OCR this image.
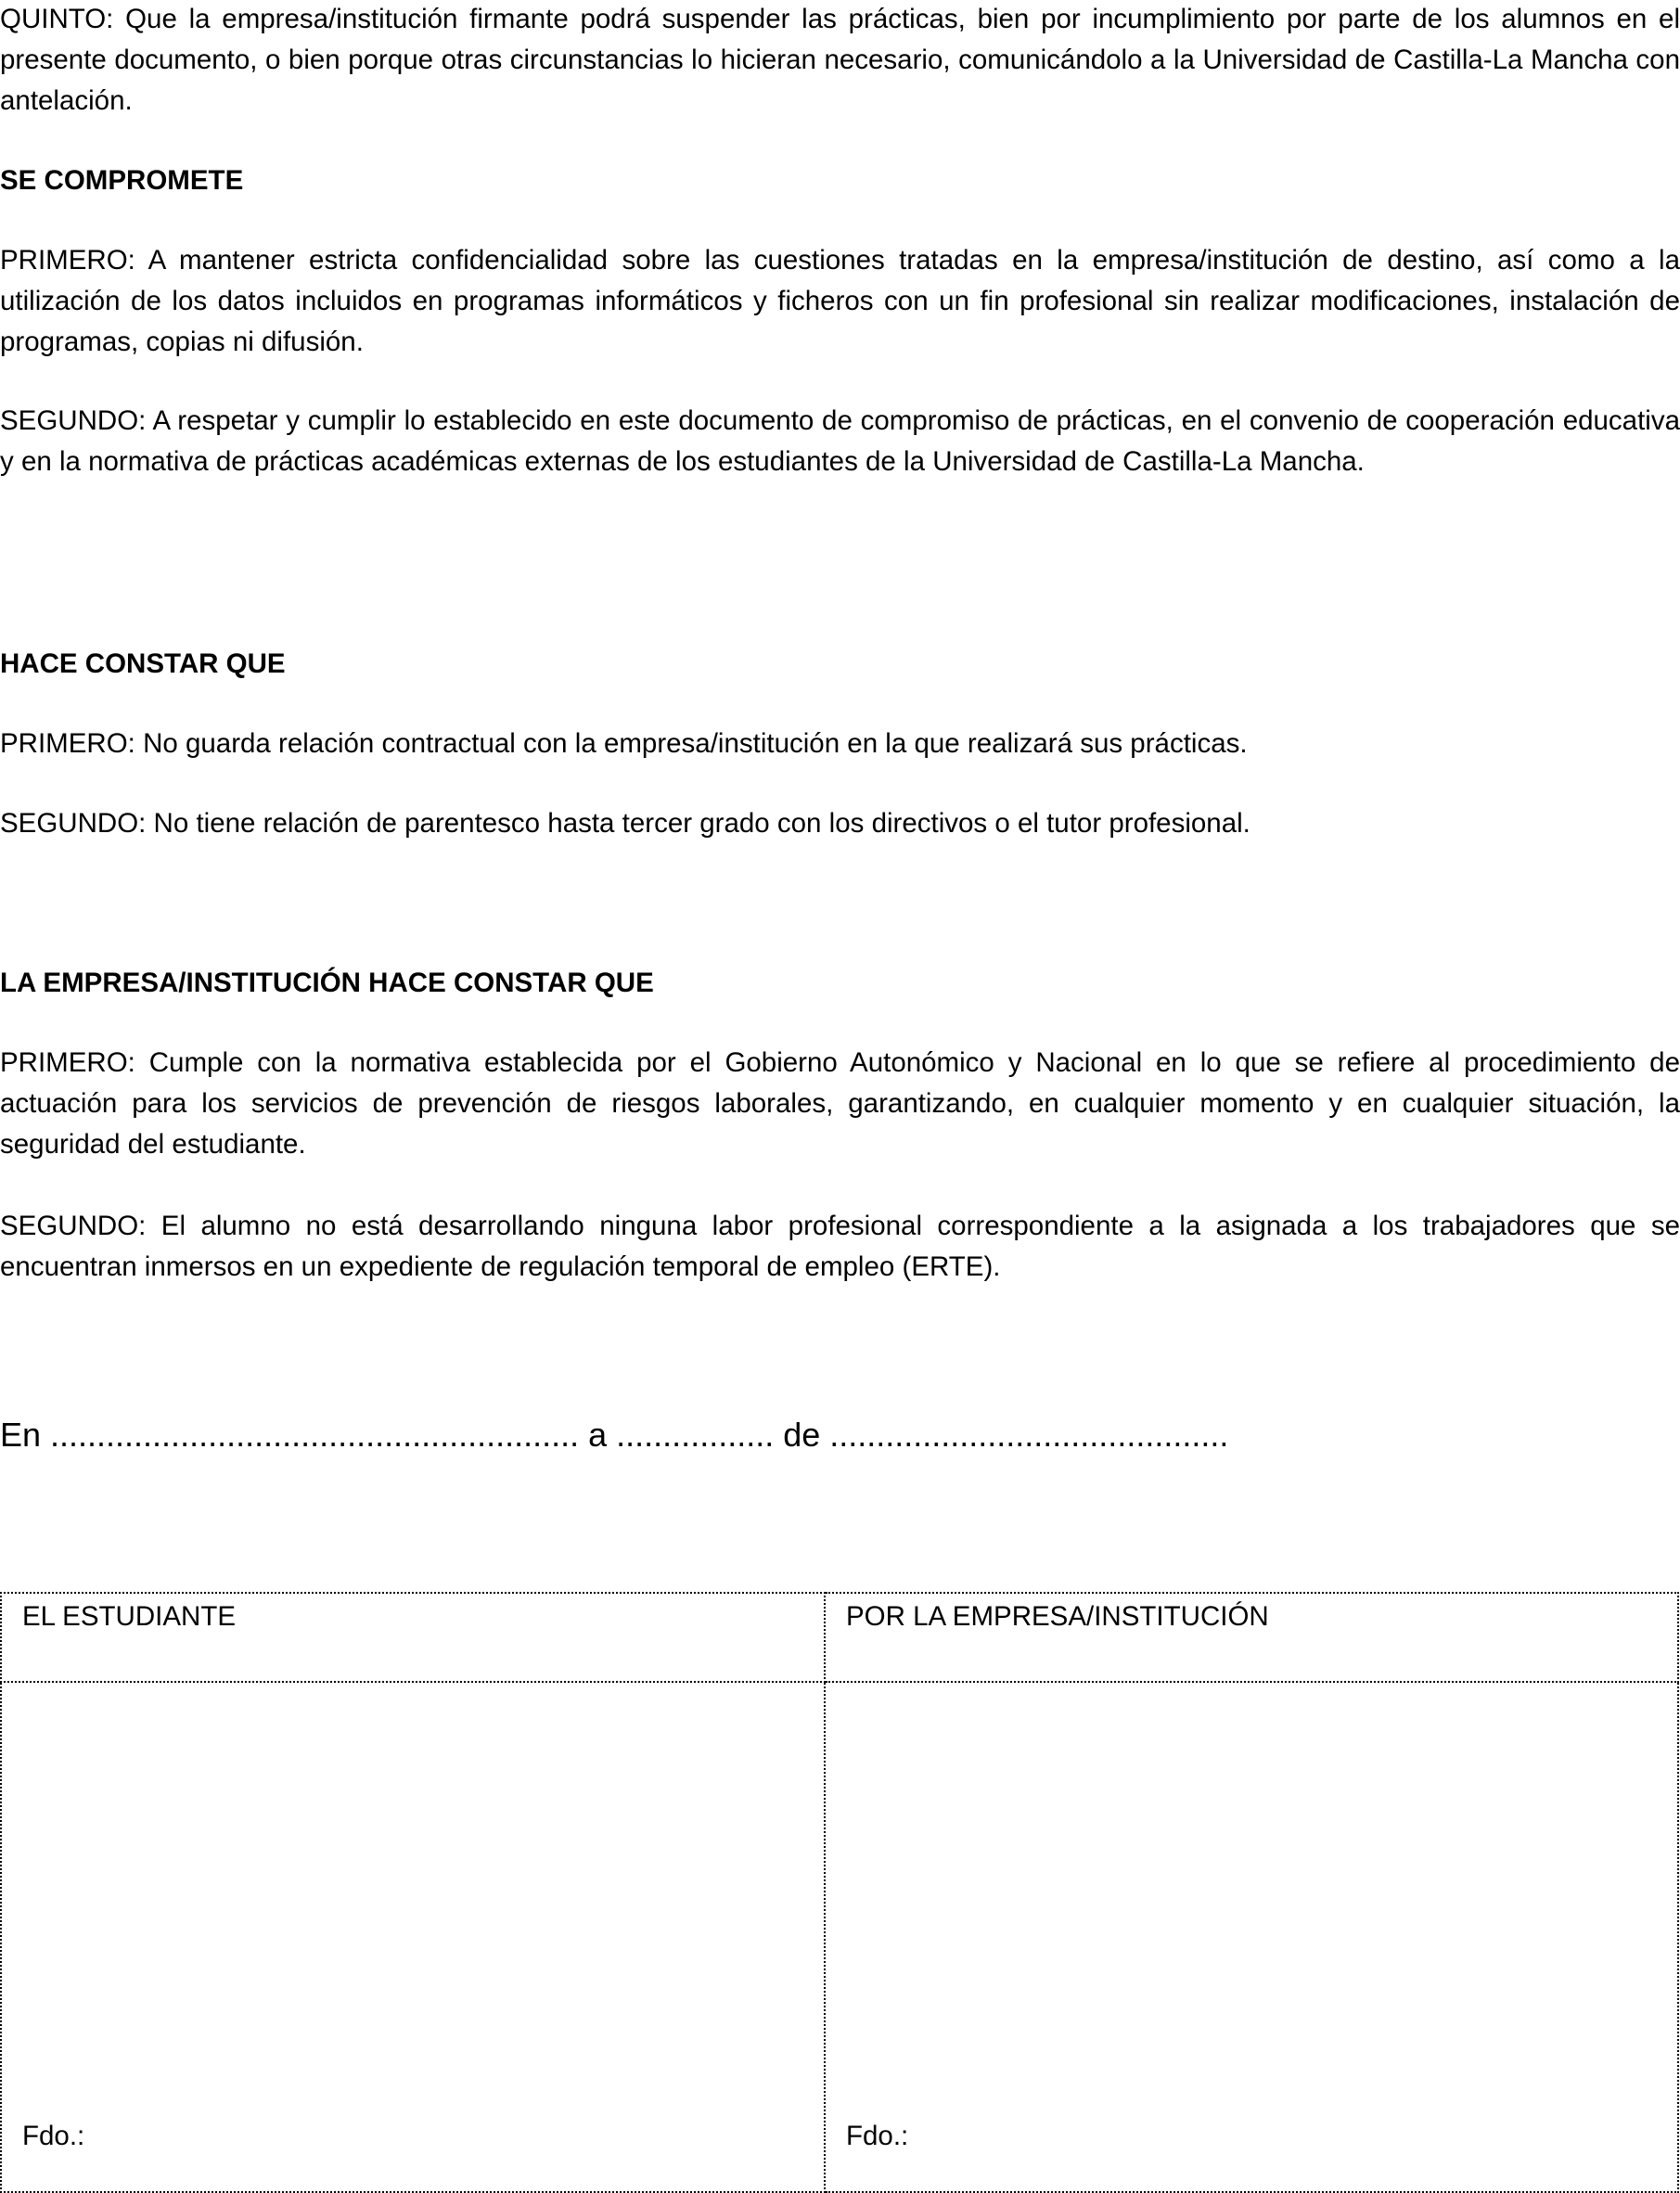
QUINTO: Que la empresa/institución firmante podrá suspender las prácticas, bien por incumplimiento por parte de los alumnos en el presente documento, o bien porque otras circunstancias lo hicieran necesario, comunicándolo a la Universidad de Castilla-La Mancha con antelación.

SE COMPROMETE

PRIMERO: A mantener estricta confidencialidad sobre las cuestiones tratadas en la empresa/institución de destino, así como a la utilización de los datos incluidos en programas informáticos y ficheros con un fin profesional sin realizar modificaciones, instalación de programas, copias ni difusión.

SEGUNDO: A respetar y cumplir lo establecido en este documento de compromiso de prácticas, en el convenio de cooperación educativa y en la normativa de prácticas académicas externas de los estudiantes de la Universidad de Castilla-La Mancha.

HACE CONSTAR QUE

PRIMERO: No guarda relación contractual con la empresa/institución en la que realizará sus prácticas.

SEGUNDO: No tiene relación de parentesco hasta tercer grado con los directivos o el tutor profesional.

LA EMPRESA/INSTITUCIÓN HACE CONSTAR QUE

PRIMERO: Cumple con la normativa establecida por el Gobierno Autonómico y Nacional en lo que se refiere al procedimiento de actuación para los servicios de prevención de riesgos laborales, garantizando, en cualquier momento y en cualquier situación, la seguridad del estudiante.

SEGUNDO: El alumno no está desarrollando ninguna labor profesional correspondiente a la asignada a los trabajadores que se encuentran inmersos en un expediente de regulación temporal de empleo (ERTE).

En ......................................................... a ................. de ...........................................
EL ESTUDIANTE	POR LA EMPRESA/INSTITUCIÓN
Fdo.:	Fdo.:
